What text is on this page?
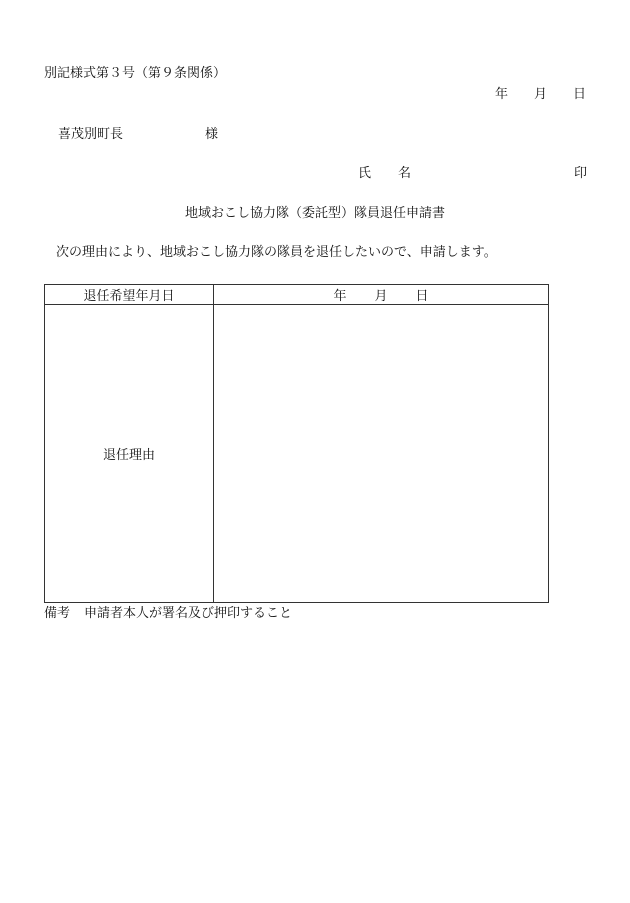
別記様式第３号（第９条関係）
年 月 日
喜茂別町長	様
氏 名	印
地域おこし協力隊（委託型）隊員退任申請書
次の理由により、地域おこし協力隊の隊員を退任したいので、申請します。
退任希望年月日	年 月 日
退任理由	
備考 申請者本人が署名及び押印すること
